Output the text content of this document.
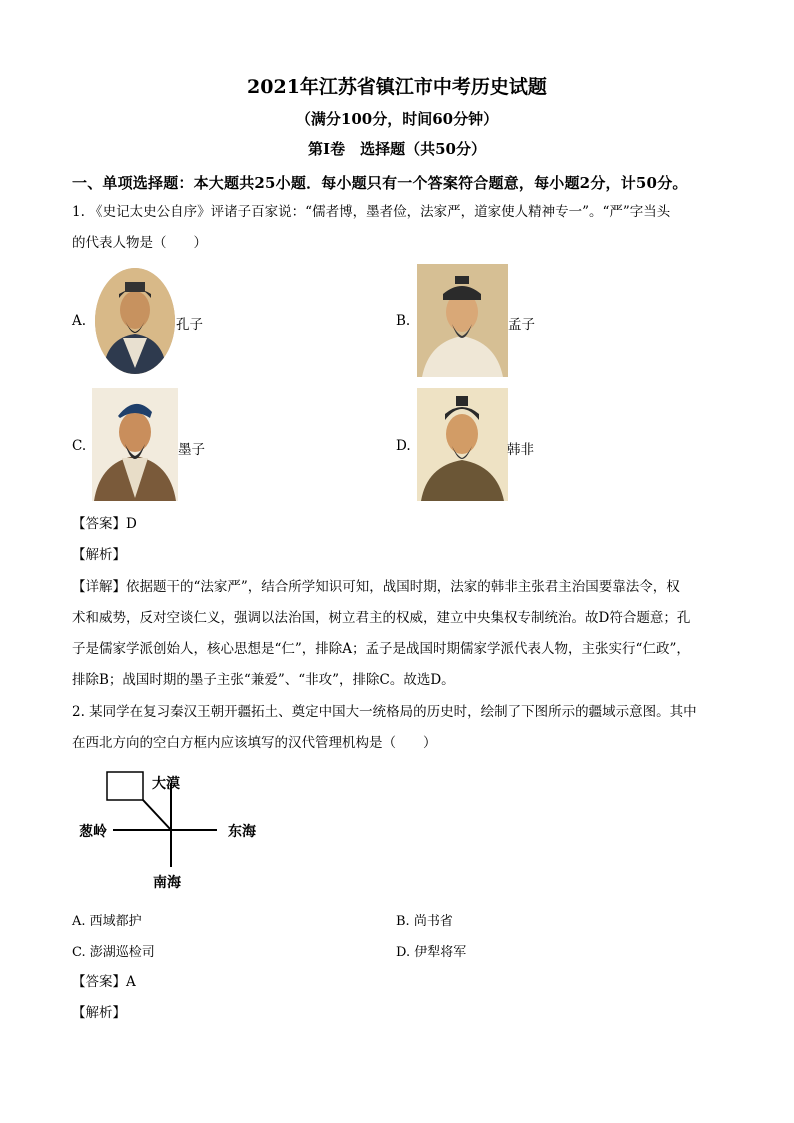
2021年江苏省镇江市中考历史试题
（满分100分，时间60分钟）
第Ⅰ卷　选择题（共50分）
一、单项选择题：本大题共25小题．每小题只有一个答案符合题意，每小题2分，计50分。
1. 《史记太史公自序》评诸子百家说：“儒者博，墨者俭，法家严，道家使人精神专一”。“严”字当头
的代表人物是（　　）
A.	孔子	B.	孟子
C.	墨子	D.	韩非
【答案】D
【解析】
【详解】依据题干的“法家严”，结合所学知识可知，战国时期，法家的韩非主张君主治国要靠法令，权
术和威势，反对空谈仁义，强调以法治国，树立君主的权威，建立中央集权专制统治。故D符合题意；孔
子是儒家学派创始人，核心思想是“仁”，排除A；孟子是战国时期儒家学派代表人物，主张实行“仁政”，
排除B；战国时期的墨子主张“兼爱”、“非攻”，排除C。故选D。
2. 某同学在复习秦汉王朝开疆拓土、奠定中国大一统格局的历史时，绘制了下图所示的疆域示意图。其中
在西北方向的空白方框内应该填写的汉代管理机构是（　　）
大漠
葱岭	东海
南海
A. 西域都护	B. 尚书省
C. 澎湖巡检司	D. 伊犁将军
【答案】A
【解析】
